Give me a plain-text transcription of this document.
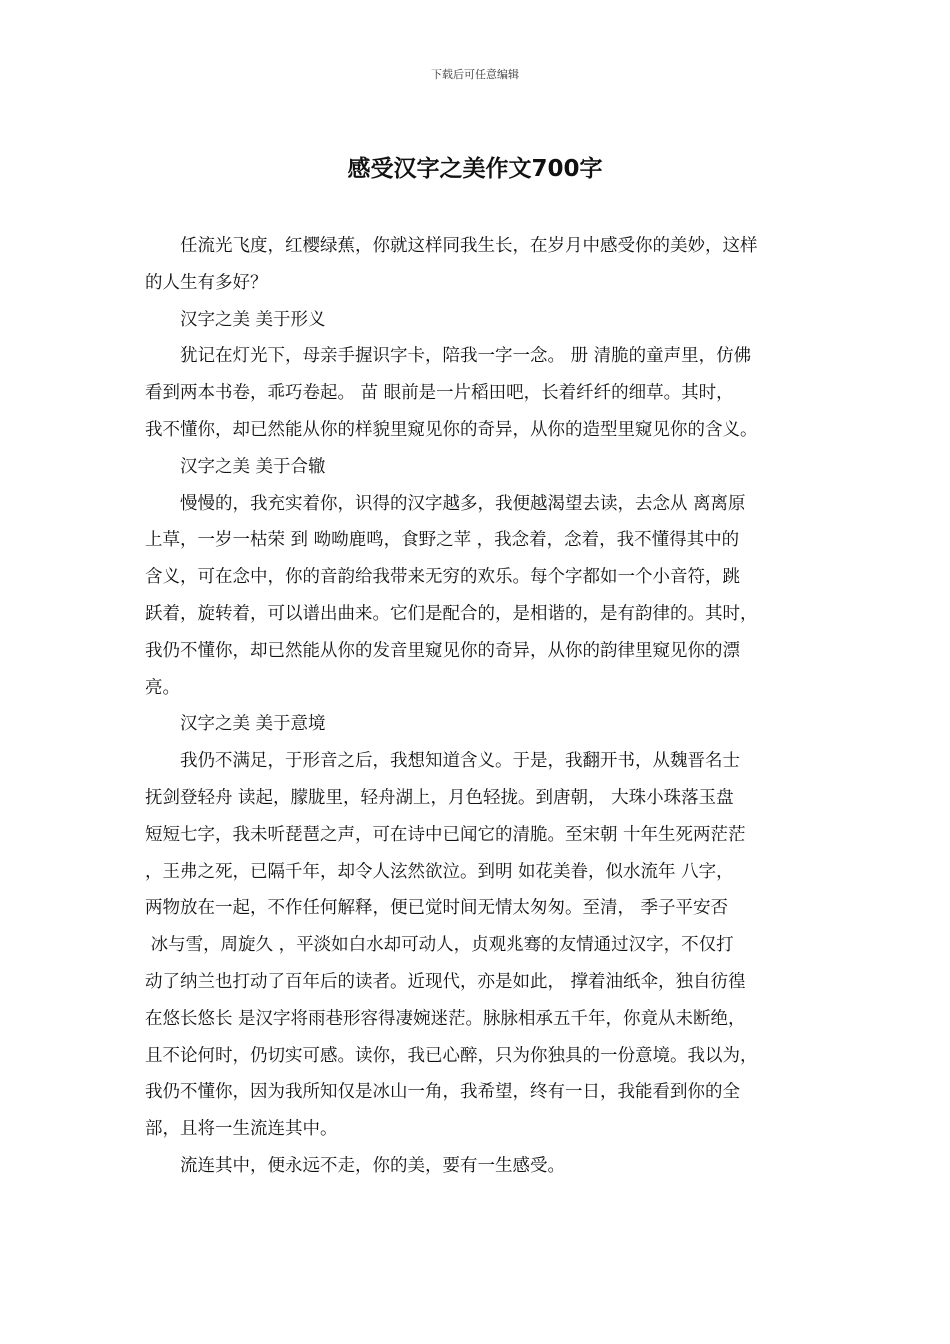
下载后可任意编辑
感受汉字之美作文700字
　　任流光飞度，红樱绿蕉，你就这样同我生长，在岁月中感受你的美妙，这样
的人生有多好？
　　汉字之美 美于形义
　　犹记在灯光下，母亲手握识字卡，陪我一字一念。 册 清脆的童声里，仿佛
看到两本书卷，乖巧卷起。 苗 眼前是一片稻田吧，长着纤纤的细草。其时，
我不懂你，却已然能从你的样貌里窥见你的奇异，从你的造型里窥见你的含义。
　　汉字之美 美于合辙
　　慢慢的，我充实着你，识得的汉字越多，我便越渴望去读，去念从 离离原
上草，一岁一枯荣 到 呦呦鹿鸣，食野之苹 ，我念着，念着，我不懂得其中的
含义，可在念中，你的音韵给我带来无穷的欢乐。每个字都如一个小音符，跳
跃着，旋转着，可以谱出曲来。它们是配合的，是相谐的，是有韵律的。其时，
我仍不懂你，却已然能从你的发音里窥见你的奇异，从你的韵律里窥见你的漂
亮。
　　汉字之美 美于意境
　　我仍不满足，于形音之后，我想知道含义。于是，我翻开书，从魏晋名士
抚剑登轻舟 读起，朦胧里，轻舟湖上，月色轻拢。到唐朝， 大珠小珠落玉盘
短短七字，我未听琵琶之声，可在诗中已闻它的清脆。至宋朝 十年生死两茫茫
，王弗之死，已隔千年，却令人泫然欲泣。到明 如花美眷，似水流年 八字，
两物放在一起，不作任何解释，便已觉时间无情太匆匆。至清， 季子平安否
冰与雪，周旋久 ，平淡如白水却可动人，贞观兆骞的友情通过汉字，不仅打
动了纳兰也打动了百年后的读者。近现代，亦是如此， 撑着油纸伞，独自彷徨
在悠长悠长 是汉字将雨巷形容得凄婉迷茫。脉脉相承五千年，你竟从未断绝，
且不论何时，仍切实可感。读你，我已心醉，只为你独具的一份意境。我以为，
我仍不懂你，因为我所知仅是冰山一角，我希望，终有一日，我能看到你的全
部，且将一生流连其中。
　　流连其中，便永远不走，你的美，要有一生感受。
